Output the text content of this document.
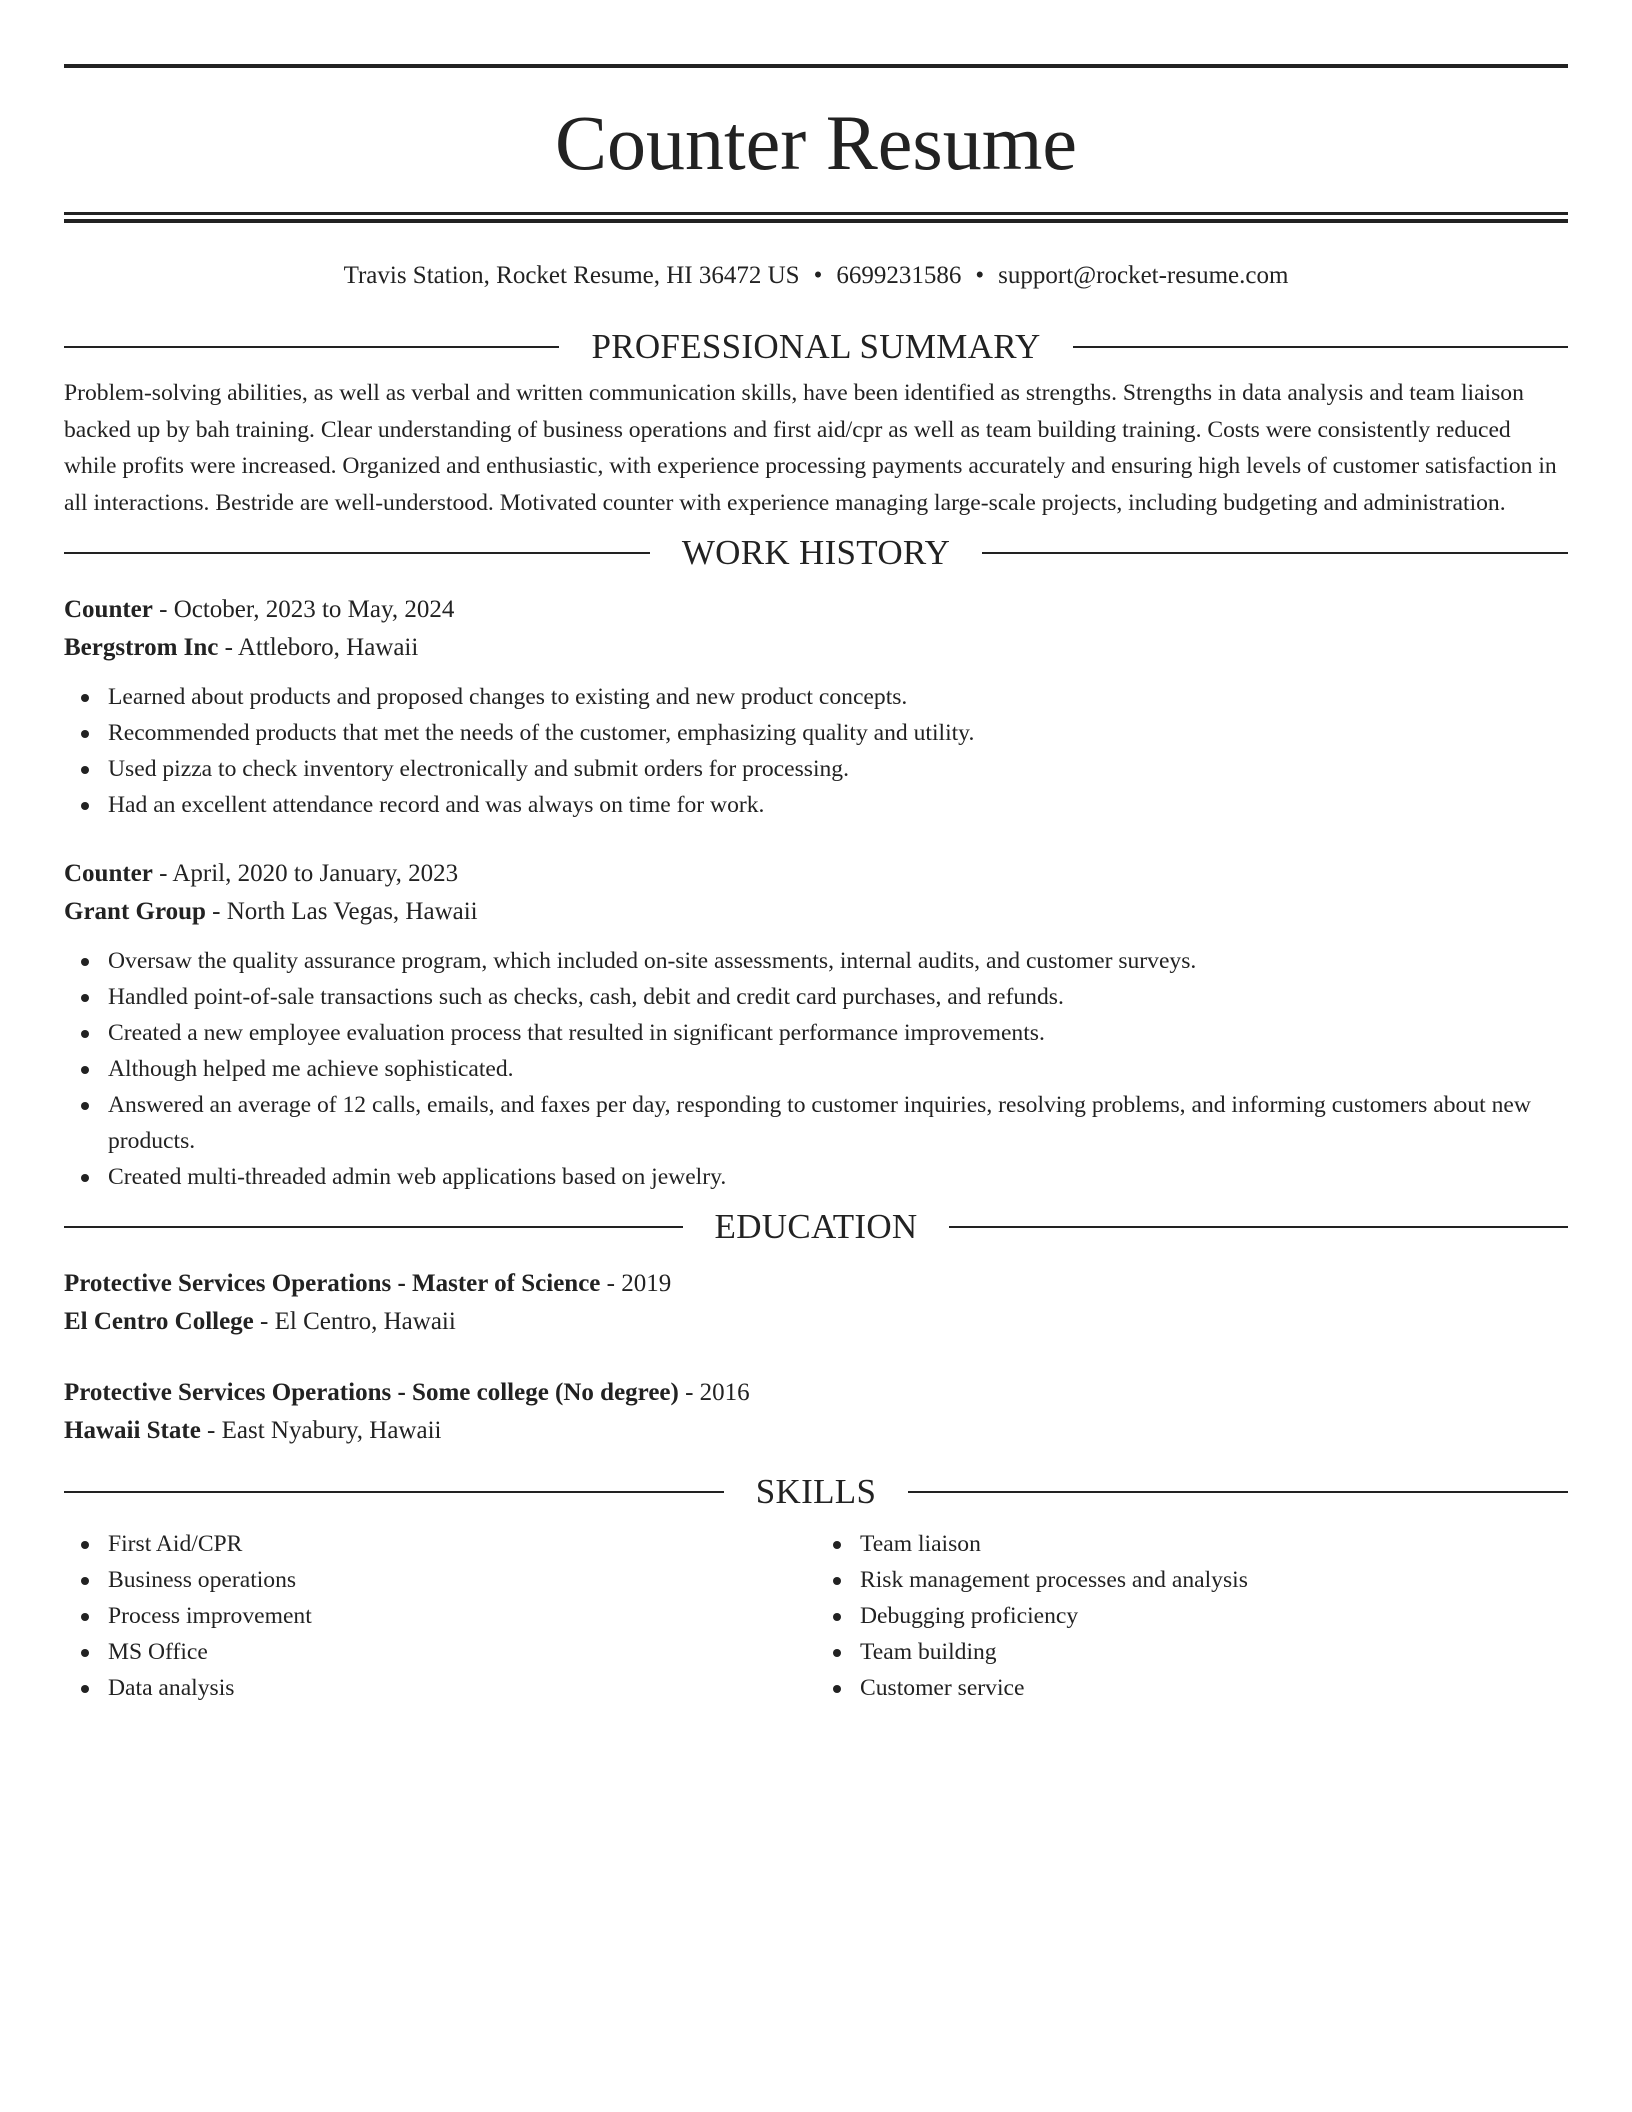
Counter Resume
Travis Station, Rocket Resume, HI 36472 US • 6699231586 • support@rocket-resume.com
PROFESSIONAL SUMMARY

Problem-solving abilities, as well as verbal and written communication skills, have been identified as strengths. Strengths in data analysis and team liaison backed up by bah training. Clear understanding of business operations and first aid/cpr as well as team building training. Costs were consistently reduced while profits were increased. Organized and enthusiastic, with experience processing payments accurately and ensuring high levels of customer satisfaction in all interactions. Bestride are well-understood. Motivated counter with experience managing large-scale projects, including budgeting and administration.

WORK HISTORY
Counter - October, 2023 to May, 2024
Bergstrom Inc - Attleboro, Hawaii
Learned about products and proposed changes to existing and new product concepts.
Recommended products that met the needs of the customer, emphasizing quality and utility.
Used pizza to check inventory electronically and submit orders for processing.
Had an excellent attendance record and was always on time for work.
Counter - April, 2020 to January, 2023
Grant Group - North Las Vegas, Hawaii
Oversaw the quality assurance program, which included on-site assessments, internal audits, and customer surveys.
Handled point-of-sale transactions such as checks, cash, debit and credit card purchases, and refunds.
Created a new employee evaluation process that resulted in significant performance improvements.
Although helped me achieve sophisticated.
Answered an average of 12 calls, emails, and faxes per day, responding to customer inquiries, resolving problems, and informing customers about new products.
Created multi-threaded admin web applications based on jewelry.
EDUCATION
Protective Services Operations - Master of Science - 2019
El Centro College - El Centro, Hawaii
Protective Services Operations - Some college (No degree) - 2016
Hawaii State - East Nyabury, Hawaii
SKILLS
First Aid/CPR
Business operations
Process improvement
MS Office
Data analysis
Team liaison
Risk management processes and analysis
Debugging proficiency
Team building
Customer service
